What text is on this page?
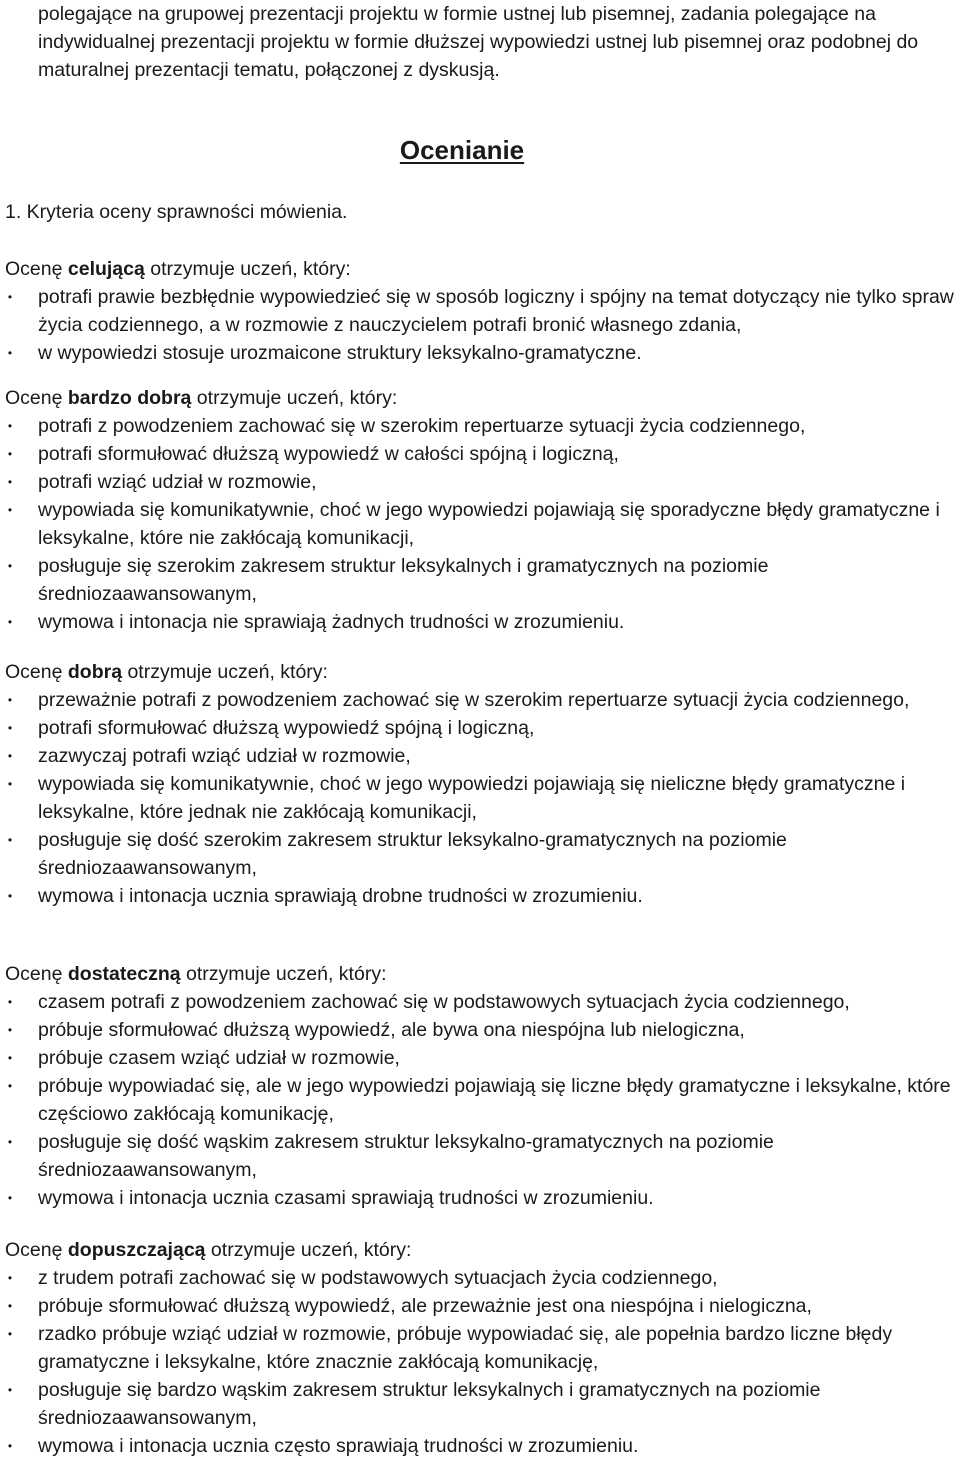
polegające na grupowej prezentacji projektu w formie ustnej lub pisemnej, zadania polegające na indywidualnej prezentacji projektu w formie dłuższej wypowiedzi ustnej lub pisemnej oraz podobnej do maturalnej prezentacji tematu, połączonej z dyskusją.

Ocenianie

1. Kryteria oceny sprawności mówienia.

Ocenę celującą otrzymuje uczeń, który:

• potrafi prawie bezbłędnie wypowiedzieć się w sposób logiczny i spójny na temat dotyczący nie tylko spraw życia codziennego, a w rozmowie z nauczycielem potrafi bronić własnego zdania,
• w wypowiedzi stosuje urozmaicone struktury leksykalno-gramatyczne.

Ocenę bardzo dobrą otrzymuje uczeń, który:

• potrafi z powodzeniem zachować się w szerokim repertuarze sytuacji życia codziennego,
• potrafi sformułować dłuższą wypowiedź w całości spójną i logiczną,
• potrafi wziąć udział w rozmowie,
• wypowiada się komunikatywnie, choć w jego wypowiedzi pojawiają się sporadyczne błędy gramatyczne i leksykalne, które nie zakłócają komunikacji,
• posługuje się szerokim zakresem struktur leksykalnych i gramatycznych na poziomie średniozaawansowanym,
• wymowa i intonacja nie sprawiają żadnych trudności w zrozumieniu.

Ocenę dobrą otrzymuje uczeń, który:

• przeważnie potrafi z powodzeniem zachować się w szerokim repertuarze sytuacji życia codziennego,
• potrafi sformułować dłuższą wypowiedź spójną i logiczną,
• zazwyczaj potrafi wziąć udział w rozmowie,
• wypowiada się komunikatywnie, choć w jego wypowiedzi pojawiają się nieliczne błędy gramatyczne i leksykalne, które jednak nie zakłócają komunikacji,
• posługuje się dość szerokim zakresem struktur leksykalno-gramatycznych na poziomie średniozaawansowanym,
• wymowa i intonacja ucznia sprawiają drobne trudności w zrozumieniu.

Ocenę dostateczną otrzymuje uczeń, który:

• czasem potrafi z powodzeniem zachować się w podstawowych sytuacjach życia codziennego,
• próbuje sformułować dłuższą wypowiedź, ale bywa ona niespójna lub nielogiczna,
• próbuje czasem wziąć udział w rozmowie,
• próbuje wypowiadać się, ale w jego wypowiedzi pojawiają się liczne błędy gramatyczne i leksykalne, które częściowo zakłócają komunikację,
• posługuje się dość wąskim zakresem struktur leksykalno-gramatycznych na poziomie średniozaawansowanym,
• wymowa i intonacja ucznia czasami sprawiają trudności w zrozumieniu.

Ocenę dopuszczającą otrzymuje uczeń, który:

• z trudem potrafi zachować się w podstawowych sytuacjach życia codziennego,
• próbuje sformułować dłuższą wypowiedź, ale przeważnie jest ona niespójna i nielogiczna,
• rzadko próbuje wziąć udział w rozmowie, próbuje wypowiadać się, ale popełnia bardzo liczne błędy gramatyczne i leksykalne, które znacznie zakłócają komunikację,
• posługuje się bardzo wąskim zakresem struktur leksykalnych i gramatycznych na poziomie średniozaawansowanym,
• wymowa i intonacja ucznia często sprawiają trudności w zrozumieniu.
